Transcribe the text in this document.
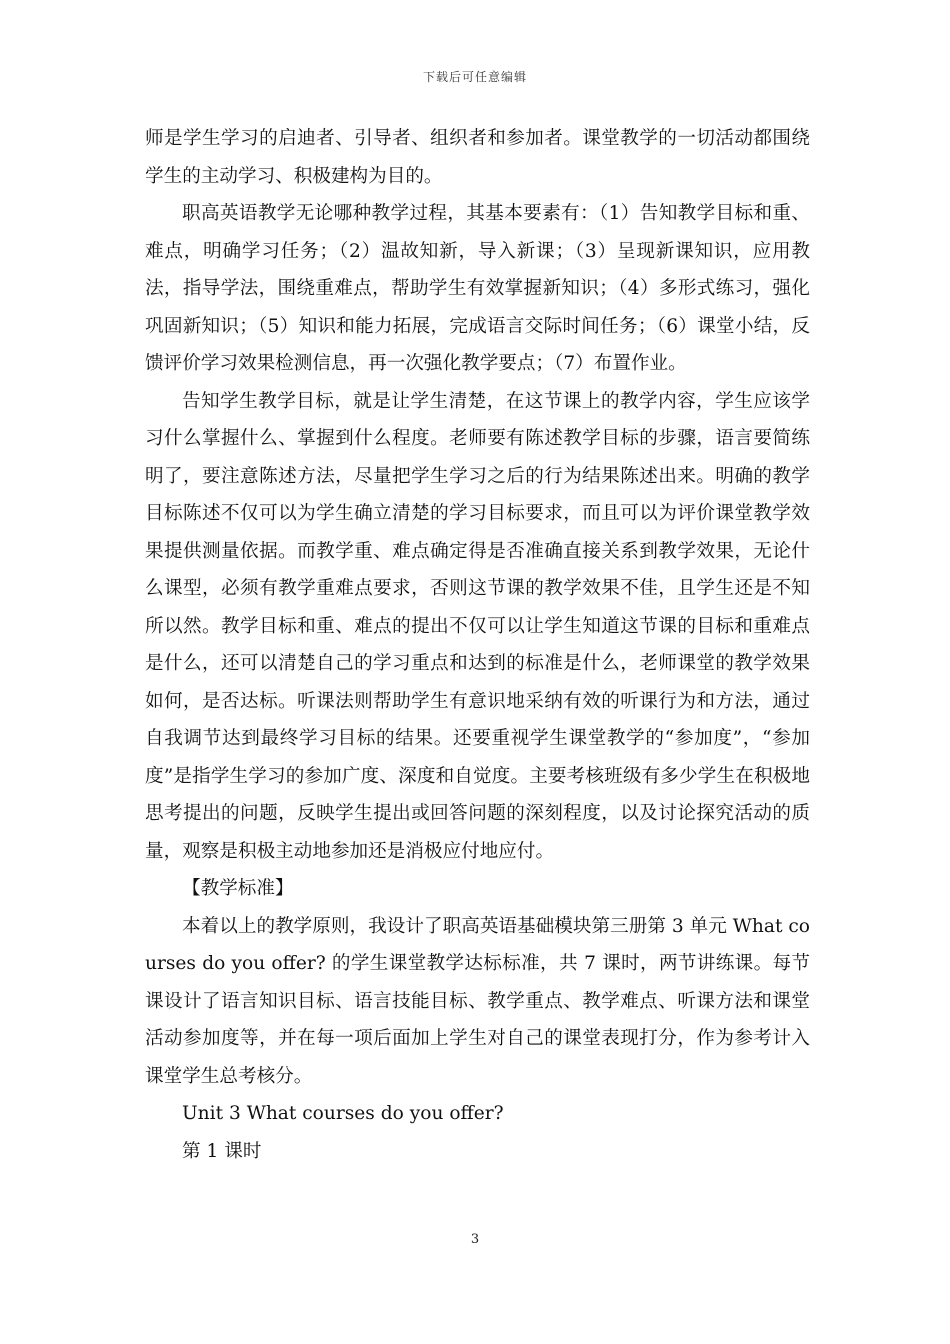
下载后可任意编辑

师是学生学习的启迪者、引导者、组织者和参加者。课堂教学的一切活动都围绕学生的主动学习、积极建构为目的。

职高英语教学无论哪种教学过程，其基本要素有：（1）告知教学目标和重、难点，明确学习任务；（2）温故知新，导入新课；（3）呈现新课知识，应用教法，指导学法，围绕重难点，帮助学生有效掌握新知识；（4）多形式练习，强化巩固新知识；（5）知识和能力拓展，完成语言交际时间任务；（6）课堂小结，反馈评价学习效果检测信息，再一次强化教学要点；（7）布置作业。

告知学生教学目标，就是让学生清楚，在这节课上的教学内容，学生应该学习什么掌握什么、掌握到什么程度。老师要有陈述教学目标的步骤，语言要简练明了，要注意陈述方法，尽量把学生学习之后的行为结果陈述出来。明确的教学目标陈述不仅可以为学生确立清楚的学习目标要求，而且可以为评价课堂教学效果提供测量依据。而教学重、难点确定得是否准确直接关系到教学效果，无论什么课型，必须有教学重难点要求，否则这节课的教学效果不佳，且学生还是不知所以然。教学目标和重、难点的提出不仅可以让学生知道这节课的目标和重难点是什么，还可以清楚自己的学习重点和达到的标准是什么，老师课堂的教学效果如何，是否达标。听课法则帮助学生有意识地采纳有效的听课行为和方法，通过自我调节达到最终学习目标的结果。还要重视学生课堂教学的“参加度”，“参加度”是指学生学习的参加广度、深度和自觉度。主要考核班级有多少学生在积极地思考提出的问题，反映学生提出或回答问题的深刻程度，以及讨论探究活动的质量，观察是积极主动地参加还是消极应付地应付。

【教学标准】

本着以上的教学原则，我设计了职高英语基础模块第三册第 3 单元 What courses do you offer? 的学生课堂教学达标标准，共 7 课时，两节讲练课。每节课设计了语言知识目标、语言技能目标、教学重点、教学难点、听课方法和课堂活动参加度等，并在每一项后面加上学生对自己的课堂表现打分，作为参考计入课堂学生总考核分。

Unit 3 What courses do you offer?

第 1 课时

3
